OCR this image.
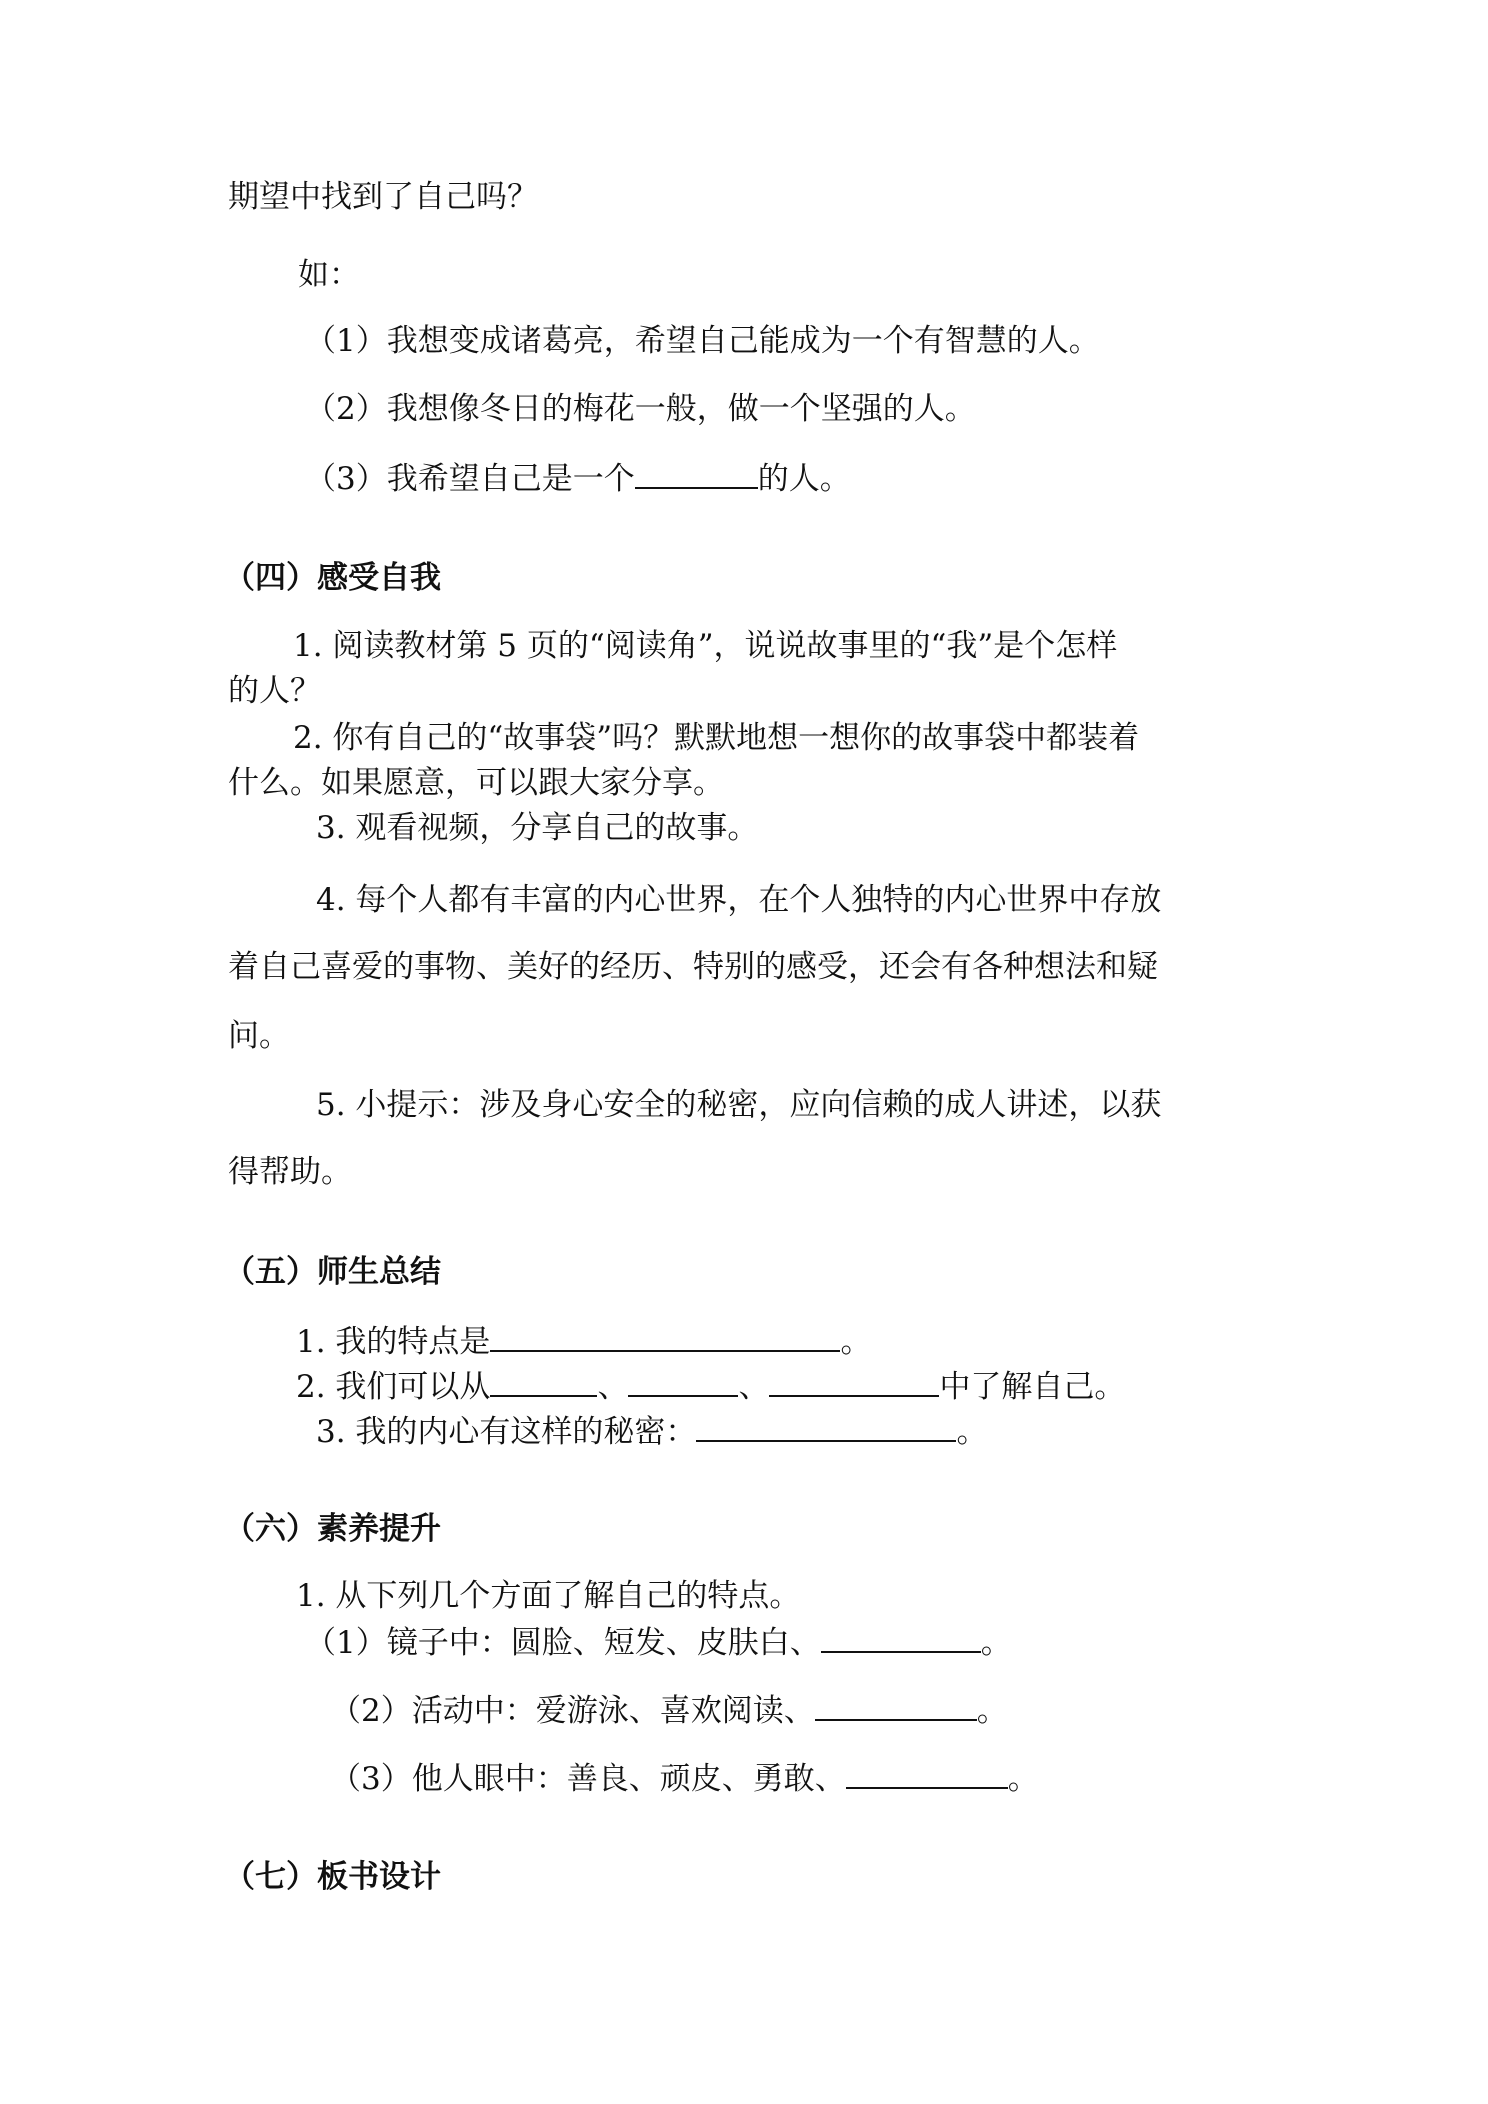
期望中找到了自己吗？
如：
（1）我想变成诸葛亮，希望自己能成为一个有智慧的人。
（2）我想像冬日的梅花一般，做一个坚强的人。
（3）我希望自己是一个	的人。
（四）感受自我
1. 阅读教材第 5 页的“阅读角”，说说故事里的“我”是个怎样
的人？
2. 你有自己的“故事袋”吗？默默地想一想你的故事袋中都装着
什么。如果愿意，可以跟大家分享。
3. 观看视频，分享自己的故事。
4. 每个人都有丰富的内心世界，在个人独特的内心世界中存放
着自己喜爱的事物、美好的经历、特别的感受，还会有各种想法和疑
问。
5. 小提示：涉及身心安全的秘密，应向信赖的成人讲述，以获
得帮助。
（五）师生总结
1. 我的特点是	。
2. 我们可以从	、	、	中了解自己。
3. 我的内心有这样的秘密：	。
（六）素养提升
1. 从下列几个方面了解自己的特点。
（1）镜子中：圆脸、短发、皮肤白、	。
（2）活动中：爱游泳、喜欢阅读、	。
（3）他人眼中：善良、顽皮、勇敢、	。
（七）板书设计
